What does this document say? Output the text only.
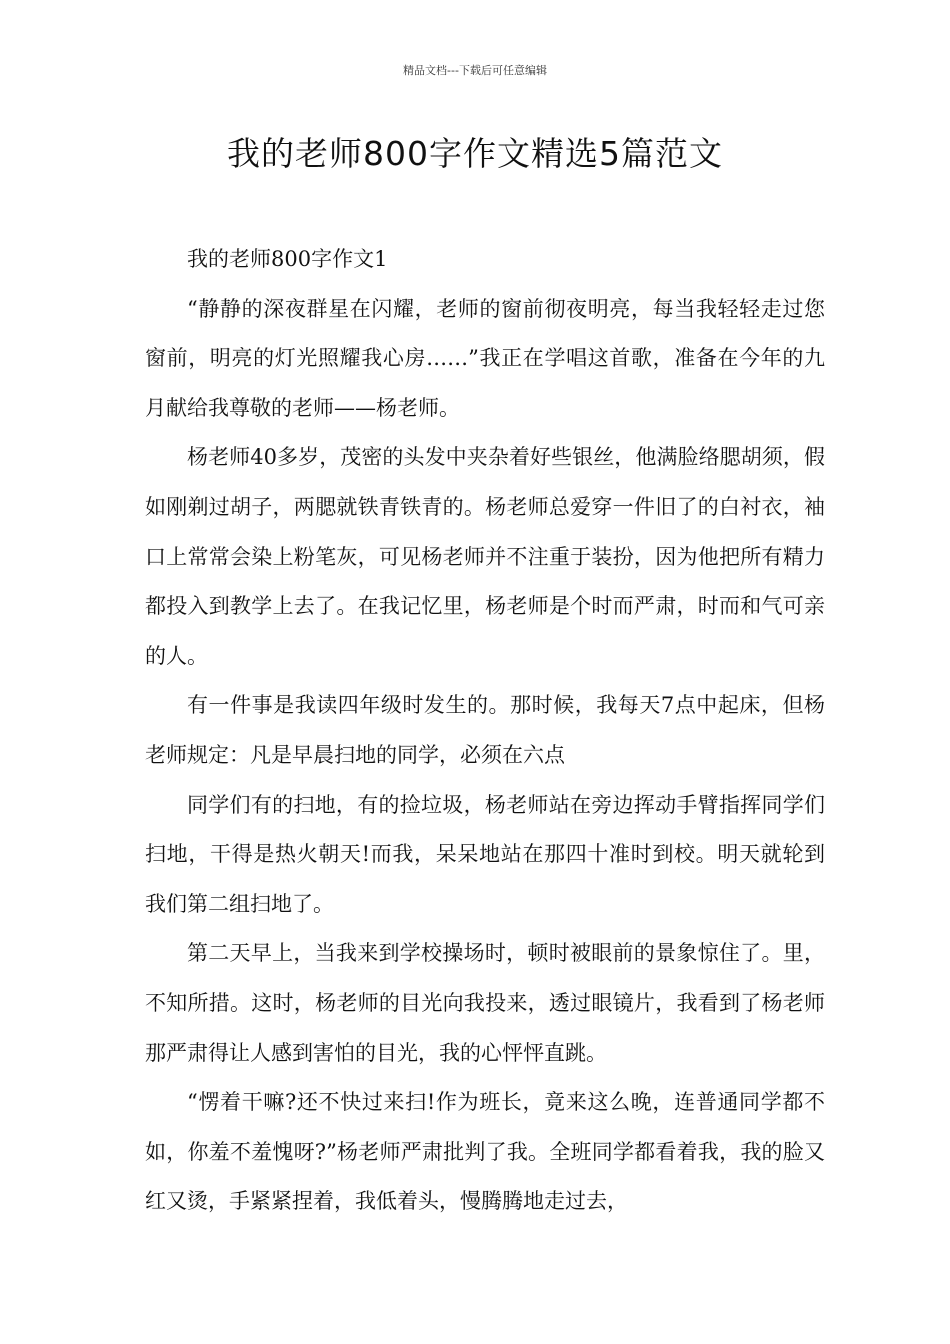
精品文档---下载后可任意编辑
我的老师800字作文精选5篇范文

我的老师800字作文1

“静静的深夜群星在闪耀，老师的窗前彻夜明亮，每当我轻轻走过您窗前，明亮的灯光照耀我心房……”我正在学唱这首歌，准备在今年的九月献给我尊敬的老师——杨老师。

杨老师40多岁，茂密的头发中夹杂着好些银丝，他满脸络腮胡须，假如刚剃过胡子，两腮就铁青铁青的。杨老师总爱穿一件旧了的白衬衣，袖口上常常会染上粉笔灰，可见杨老师并不注重于装扮，因为他把所有精力都投入到教学上去了。在我记忆里，杨老师是个时而严肃，时而和气可亲的人。

有一件事是我读四年级时发生的。那时候，我每天7点中起床，但杨老师规定：凡是早晨扫地的同学，必须在六点

同学们有的扫地，有的捡垃圾，杨老师站在旁边挥动手臂指挥同学们扫地，干得是热火朝天!而我，呆呆地站在那四十准时到校。明天就轮到我们第二组扫地了。

第二天早上，当我来到学校操场时，顿时被眼前的景象惊住了。里，不知所措。这时，杨老师的目光向我投来，透过眼镜片，我看到了杨老师那严肃得让人感到害怕的目光，我的心怦怦直跳。

“愣着干嘛?还不快过来扫!作为班长，竟来这么晚，连普通同学都不如，你羞不羞愧呀?”杨老师严肃批判了我。全班同学都看着我，我的脸又红又烫，手紧紧捏着，我低着头，慢腾腾地走过去，
